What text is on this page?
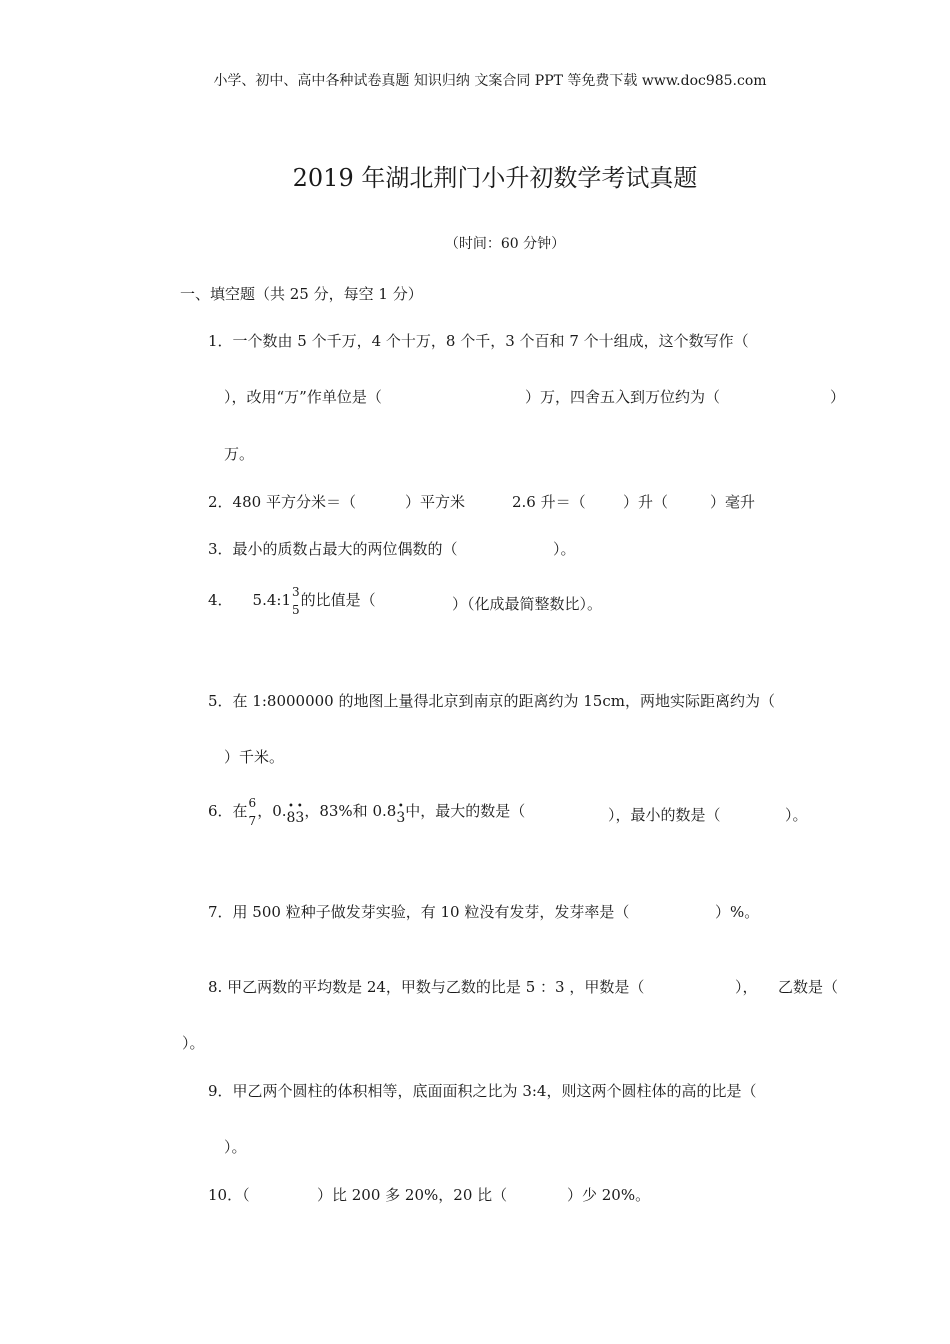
小学、初中、高中各种试卷真题 知识归纳 文案合同 PPT 等免费下载 www.doc985.com
2019 年湖北荆门小升初数学考试真题
（时间：60 分钟）
一、填空题（共 25 分，每空 1 分）
1．一个数由 5 个千万，4 个十万，8 个千，3 个百和 7 个十组成，这个数写作（
），改用“万”作单位是（	）万，四舍五入到万位约为（	）
万。
2．480 平方分米＝（	）平方米	2.6 升＝（ ）升（	）毫升
3．最小的质数占最大的两位偶数的（	）。
4． 5.4:1 3
5
的比值是（	）（化成最简整数比）。
5．在 1:8000000 的地图上量得北京到南京的距离约为 15cm，两地实际距离约为（
）千米。
6．在 6
7
，0. •
8
•
3，83%和 0.8 •
3中，最大的数是（	），最小的数是（	）。
7．用 500 粒种子做发芽实验，有 10 粒没有发芽，发芽率是（	）%。
8. 甲乙两数的平均数是 24，甲数与乙数的比是 5 ：3 ，甲数是（	）， 乙数是（
）。
9．甲乙两个圆柱的体积相等，底面面积之比为 3:4，则这两个圆柱体的高的比是（
）。
10．（	）比 200 多 20%，20 比（	）少 20%。
